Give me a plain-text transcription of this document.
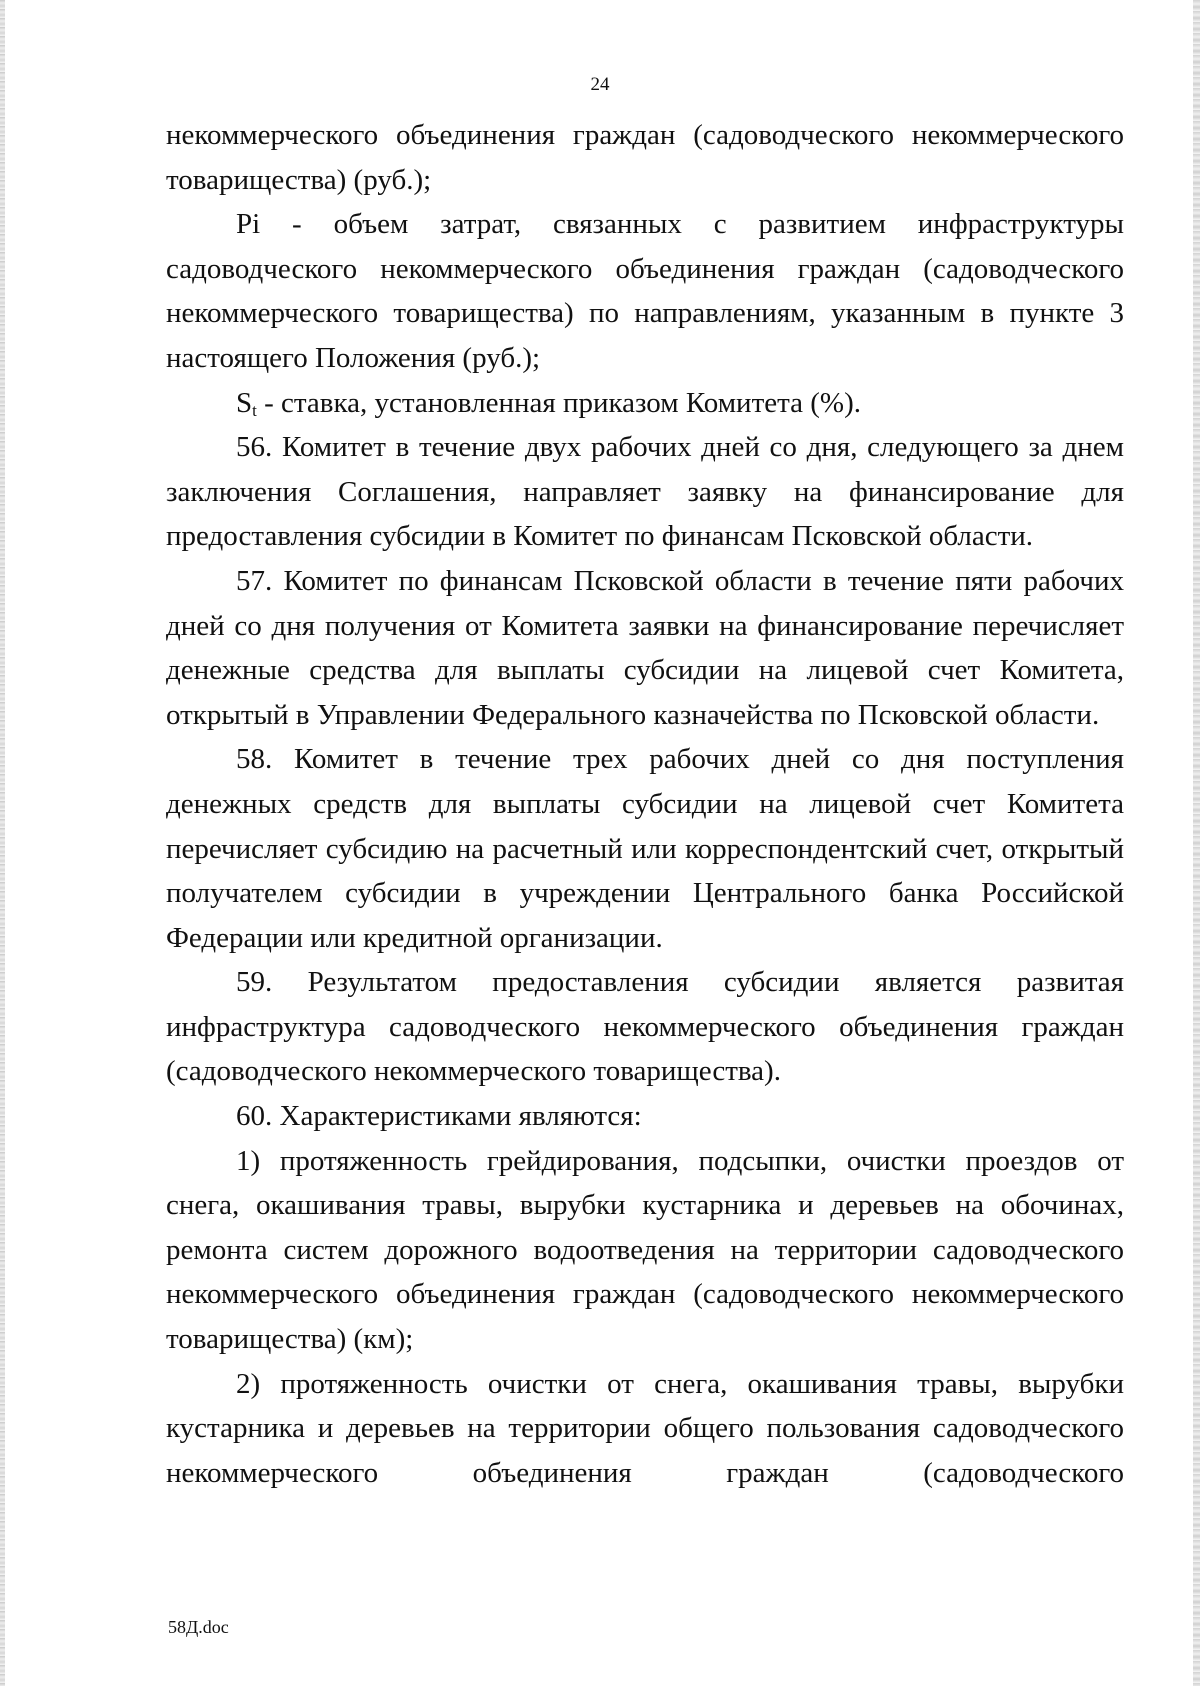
24

некоммерческого объединения граждан (садоводческого некоммерческого товарищества) (руб.);

Pi - объем затрат, связанных с развитием инфраструктуры садоводческого некоммерческого объединения граждан (садоводческого некоммерческого товарищества) по направлениям, указанным в пункте 3 настоящего Положения (руб.);

$S_t$ - ставка, установленная приказом Комитета (%).

56. Комитет в течение двух рабочих дней со дня, следующего за днем заключения Соглашения, направляет заявку на финансирование для предоставления субсидии в Комитет по финансам Псковской области.

57. Комитет по финансам Псковской области в течение пяти рабочих дней со дня получения от Комитета заявки на финансирование перечисляет денежные средства для выплаты субсидии на лицевой счет Комитета, открытый в Управлении Федерального казначейства по Псковской области.

58. Комитет в течение трех рабочих дней со дня поступления денежных средств для выплаты субсидии на лицевой счет Комитета перечисляет субсидию на расчетный или корреспондентский счет, открытый получателем субсидии в учреждении Центрального банка Российской Федерации или кредитной организации.

59. Результатом предоставления субсидии является развитая инфраструктура садоводческого некоммерческого объединения граждан (садоводческого некоммерческого товарищества).

60. Характеристиками являются:

1) протяженность грейдирования, подсыпки, очистки проездов от снега, окашивания травы, вырубки кустарника и деревьев на обочинах, ремонта систем дорожного водоотведения на территории садоводческого некоммерческого объединения граждан (садоводческого некоммерческого товарищества) (км);

2) протяженность очистки от снега, окашивания травы, вырубки кустарника и деревьев на территории общего пользования садоводческого некоммерческого объединения граждан (садоводческого

58Д.doc
